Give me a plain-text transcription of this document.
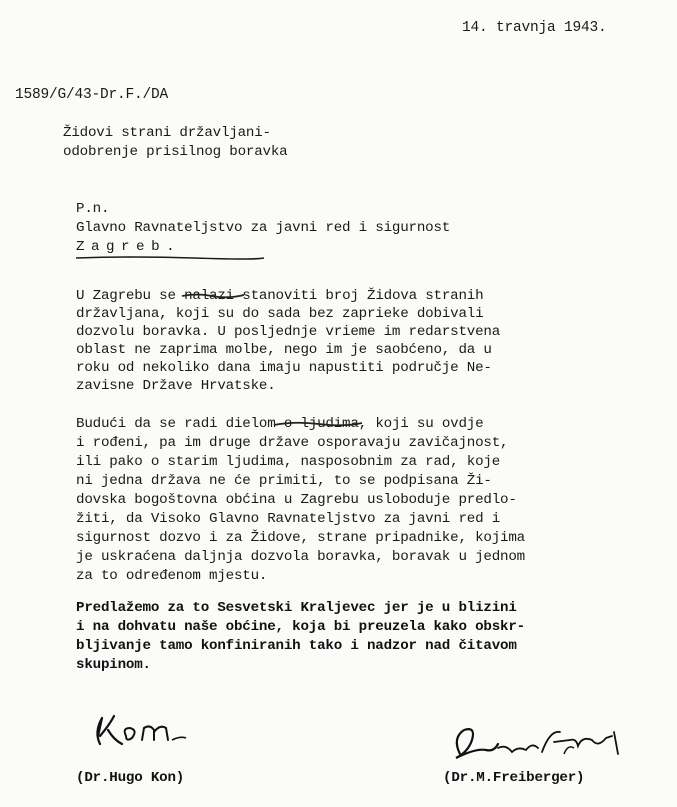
14. travnja 1943.
1589/G/43-Dr.F./DA
Židovi strani državljani-
odobrenje prisilnog boravka
P.n.
Glavno Ravnateljstvo za javni red i sigurnost
Zagreb.
U Zagrebu se nalazi
stanoviti broj Židova stranih
državljana, koji su do sada bez zapriеke dobivali
dozvolu boravka. U posljednje vrieme im redarstvena
oblast ne zaprima molbe, nego im je saobćeno, da u
roku od nekoliko dana imaju napustiti područje Ne-
zavisne Države Hrvatske.
Budući da se radi dielom o ljudima
, koji su ovdje
i rođeni, pa im druge države osporavaju zavičajnost,
ili pako o starim ljudima, nasposobnim za rad, koje
ni jedna država ne će primiti, to se podpisana Ži-
dovska bogoštovna obćina u Zagrebu usloboduje predlo-
žiti, da Visoko Glavno Ravnateljstvo za javni red i
sigurnost dozvo i za Židove, strane pripadnike, kojima
je uskraćena daljnja dozvola boravka, boravak u jednom
za to određenom mjestu.
Predlažemo za to Sesvetski Kraljevec jer je u blizini
i na dohvatu naše obćine, koja bi preuzela kako obskr-
bljivanje tamo konfiniranih tako i nadzor nad čitavom
skupinom.
(Dr.Hugo Kon)	(Dr.M.Freiberger)
